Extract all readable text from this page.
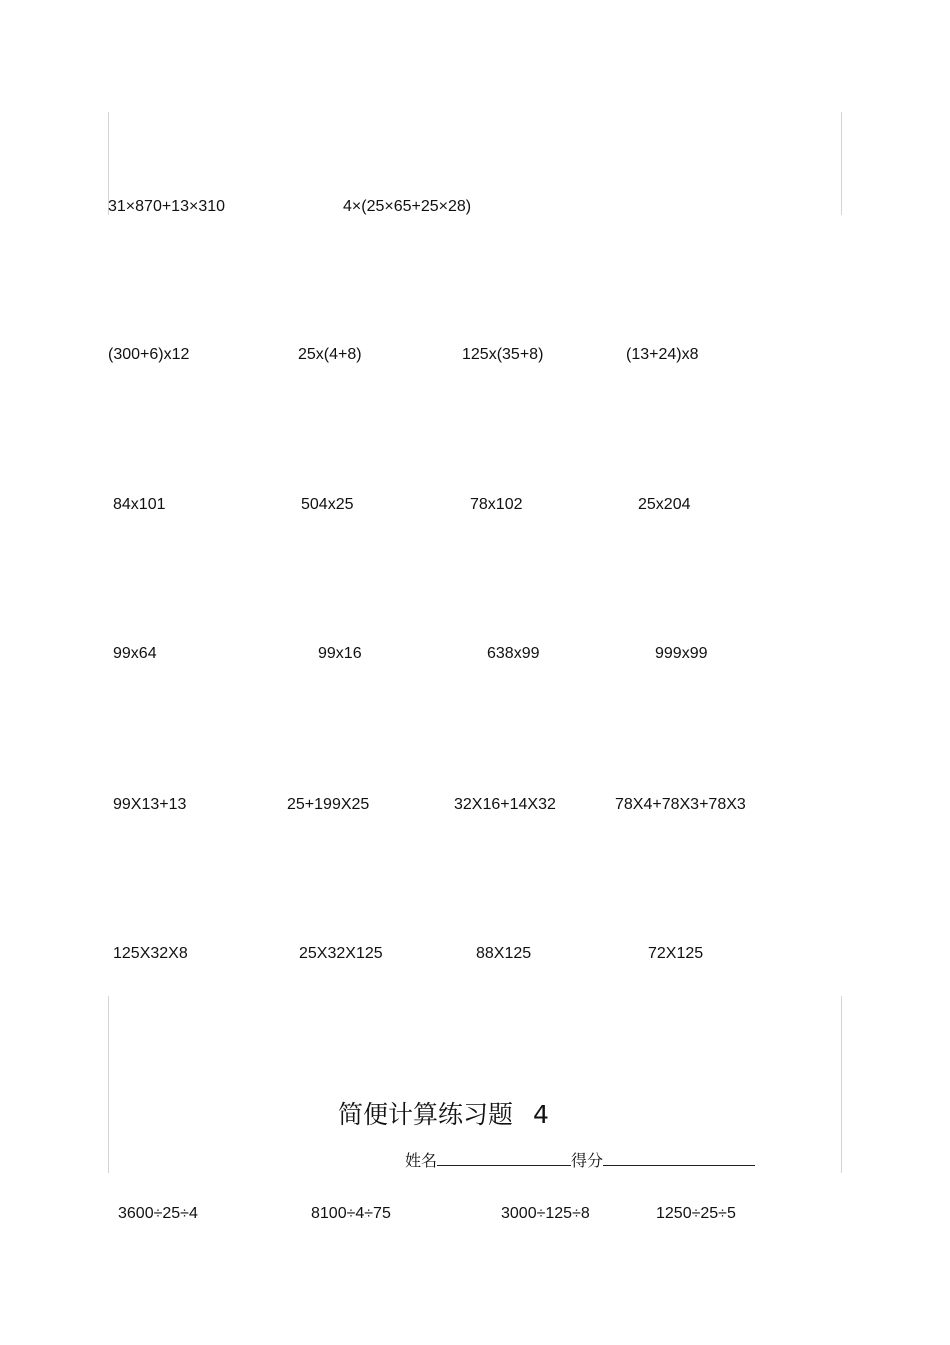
31×870+13×310	4×(25×65+25×28)
(300+6)x12	25x(4+8)	125x(35+8)	(13+24)x8
84x101	504x25	78x102	25x204
99x64	99x16	638x99	999x99
99X13+13	25+199X25	32X16+14X32	78X4+78X3+78X3
125X32X8	25X32X125	88X125	72X125
简便计算练习题 4
姓名	得分
3600÷25÷4	8100÷4÷75	3000÷125÷8	1250÷25÷5
